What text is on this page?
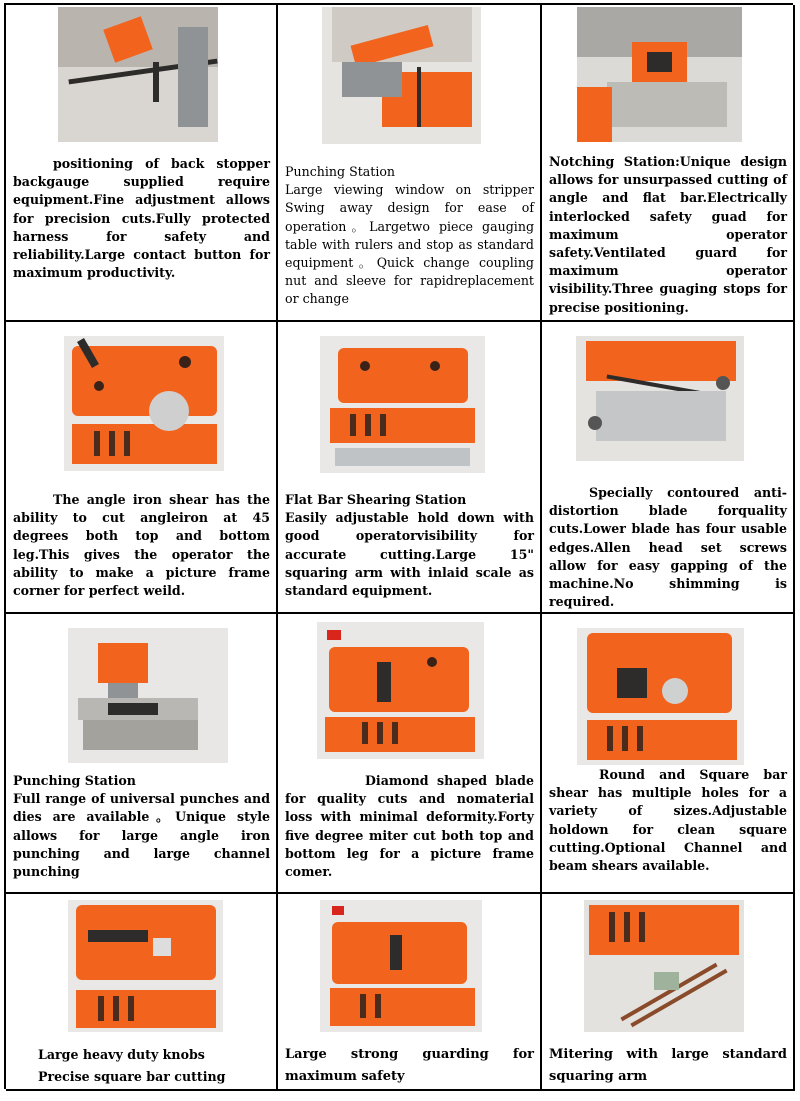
positioning of back stopper backgauge supplied require equipment.Fine adjustment allows for precision cuts.Fully protected harness for safety and reliability.Large contact button for maximum productivity.
Punching Station
Large viewing window on stripper Swing away design for ease of operation。Largetwo piece gauging table with rulers and stop as standard equipment。Quick change coupling nut and sleeve for rapidreplacement or change
Notching Station:Unique design allows for unsurpassed cutting of angle and flat bar.Electrically interlocked safety guad for maximum operator safety.Ventilated guard for maximum operator visibility.Three guaging stops for precise positioning.
The angle iron shear has the ability to cut angleiron at 45 degrees both top and bottom leg.This gives the operator the ability to make a picture frame corner for perfect weild.
Flat Bar Shearing Station
Easily adjustable hold down with good operatorvisibility for accurate cutting.Large 15" squaring arm with inlaid scale as standard equipment.
Specially contoured anti-distortion blade forquality cuts.Lower blade has four usable edges.Allen head set screws allow for easy gapping of the machine.No shimming is required.
Punching Station
Full range of universal punches and dies are available。Unique style allows for large angle iron punching and large channel punching
Diamond shaped blade for quality cuts and nomaterial loss with minimal deformity.Forty five degree miter cut both top and bottom leg for a picture frame comer.
Round and Square bar shear has multiple holes for a variety of sizes.Adjustable holdown for clean square cutting.Optional Channel and beam shears available.
Large heavy duty knobs
Precise square bar cutting
Large strong guarding for maximum safety
Mitering with large standard squaring arm
